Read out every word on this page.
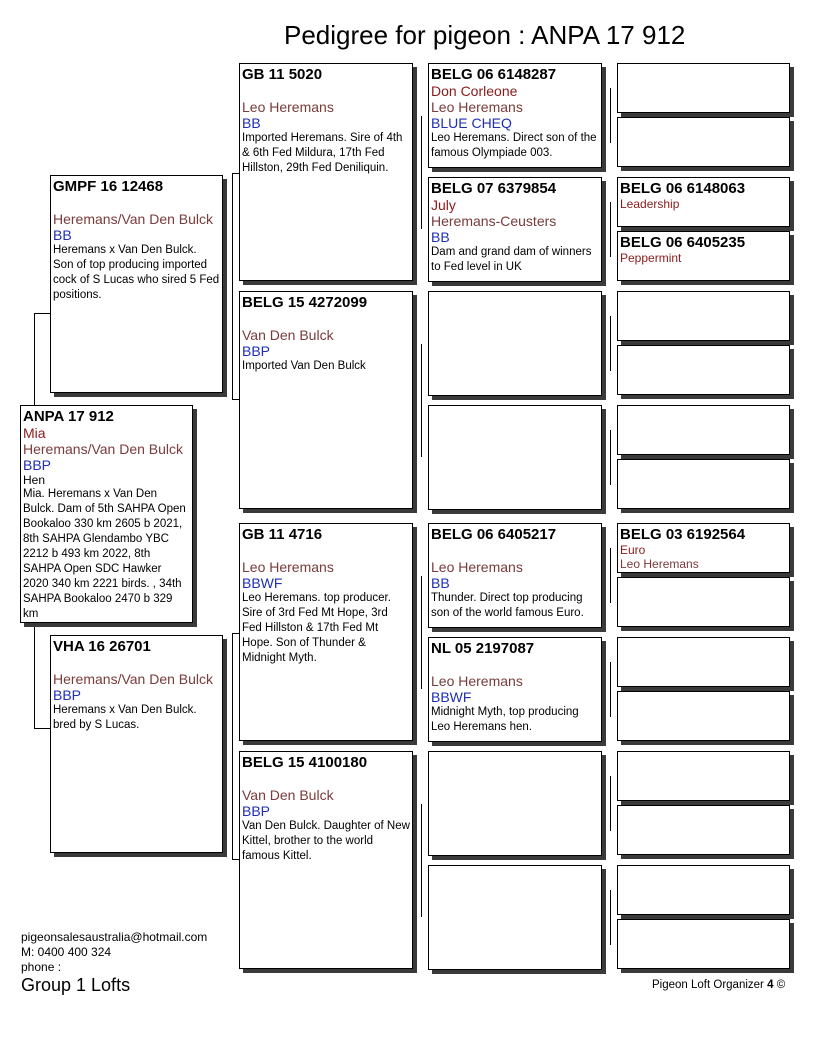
Pedigree for pigeon : ANPA 17 912
ANPA 17 912
Mia
Heremans/Van Den Bulck
BBP
Hen
Mia. Heremans x Van Den Bulck. Dam of 5th SAHPA Open Bookaloo 330 km 2605 b 2021, 8th SAHPA Glendambo YBC 2212 b 493 km 2022, 8th SAHPA Open SDC Hawker 2020 340 km 2221 birds. , 34th SAHPA Bookaloo 2470 b 329 km
GMPF 16 12468
Heremans/Van Den Bulck
BB
Heremans x Van Den Bulck. Son of top producing imported cock of S Lucas who sired 5 Fed positions.
VHA 16 26701
Heremans/Van Den Bulck
BBP
Heremans x Van Den Bulck. bred by S Lucas.
GB 11 5020
Leo Heremans
BB
Imported Heremans. Sire of 4th & 6th Fed Mildura, 17th Fed Hillston, 29th Fed Deniliquin.
BELG 15 4272099
Van Den Bulck
BBP
Imported Van Den Bulck
GB 11 4716
Leo Heremans
BBWF
Leo Heremans. top producer. Sire of 3rd Fed Mt Hope, 3rd Fed Hillston & 17th Fed Mt Hope. Son of Thunder & Midnight Myth.
BELG 15 4100180
Van Den Bulck
BBP
Van Den Bulck. Daughter of New Kittel, brother to the world famous Kittel.
BELG 06 6148287
Don Corleone
Leo Heremans
BLUE CHEQ
Leo Heremans. Direct son of the famous Olympiade 003.
BELG 07 6379854
July
Heremans-Ceusters
BB
Dam and grand dam of winners to Fed level in UK
BELG 06 6405217
Leo Heremans
BB
Thunder. Direct top producing son of the world famous Euro.
NL 05 2197087
Leo Heremans
BBWF
Midnight Myth, top producing Leo Heremans hen.
BELG 06 6148063
Leadership
BELG 06 6405235
Peppermint
BELG 03 6192564
Euro
Leo Heremans
pigeonsalesaustralia@hotmail.com
M: 0400 400 324
phone :
Group 1 Lofts	Pigeon Loft Organizer 4 ©
